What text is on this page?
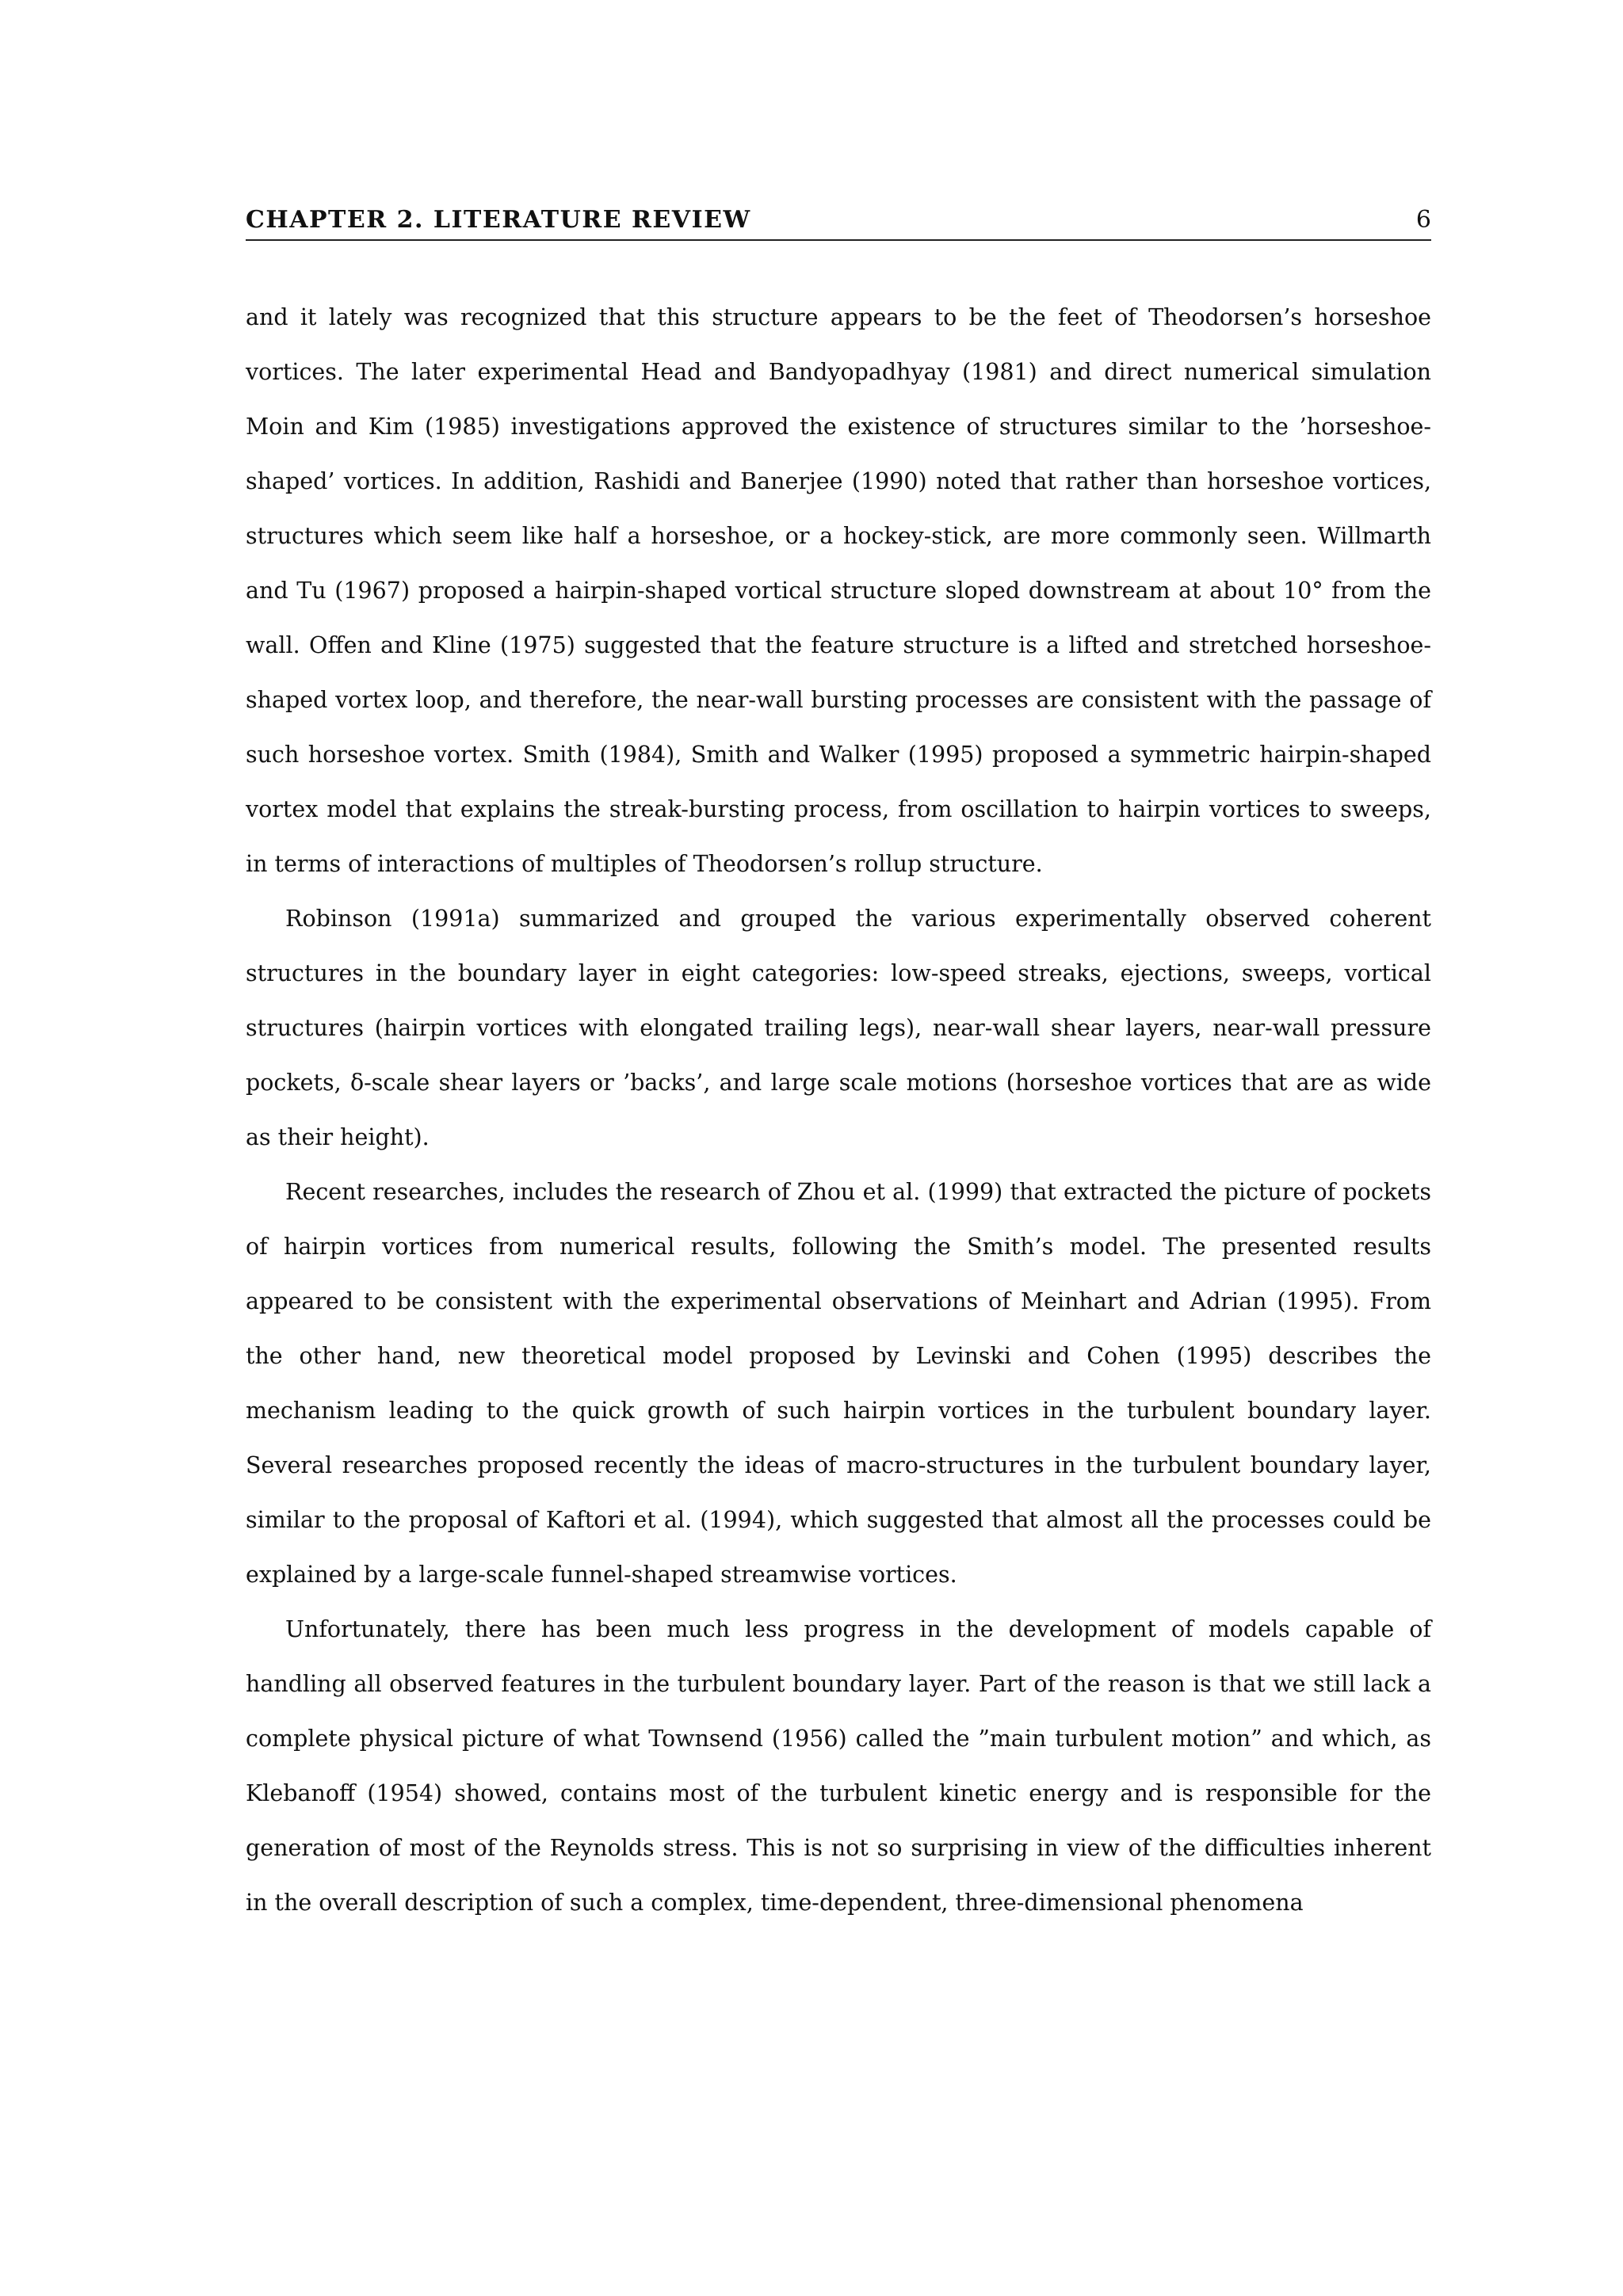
CHAPTER 2. LITERATURE REVIEW	6

and it lately was recognized that this structure appears to be the feet of Theodorsen’s horseshoe vortices. The later experimental Head and Bandyopadhyay (1981) and direct numerical simulation Moin and Kim (1985) investigations approved the existence of structures similar to the ’horseshoe-shaped’ vortices. In addition, Rashidi and Banerjee (1990) noted that rather than horseshoe vortices, structures which seem like half a horseshoe, or a hockey-stick, are more commonly seen. Willmarth and Tu (1967) proposed a hairpin-shaped vortical structure sloped downstream at about 10° from the wall. Offen and Kline (1975) suggested that the feature structure is a lifted and stretched horseshoe-shaped vortex loop, and therefore, the near-wall bursting processes are consistent with the passage of such horseshoe vortex. Smith (1984), Smith and Walker (1995) proposed a symmetric hairpin-shaped vortex model that explains the streak-bursting process, from oscillation to hairpin vortices to sweeps, in terms of interactions of multiples of Theodorsen’s rollup structure.

Robinson (1991a) summarized and grouped the various experimentally observed coherent structures in the boundary layer in eight categories: low-speed streaks, ejections, sweeps, vortical structures (hairpin vortices with elongated trailing legs), near-wall shear layers, near-wall pressure pockets, δ-scale shear layers or ’backs’, and large scale motions (horseshoe vortices that are as wide as their height).

Recent researches, includes the research of Zhou et al. (1999) that extracted the picture of pockets of hairpin vortices from numerical results, following the Smith’s model. The presented results appeared to be consistent with the experimental observations of Meinhart and Adrian (1995). From the other hand, new theoretical model proposed by Levinski and Cohen (1995) describes the mechanism leading to the quick growth of such hairpin vortices in the turbulent boundary layer. Several researches proposed recently the ideas of macro-structures in the turbulent boundary layer, similar to the proposal of Kaftori et al. (1994), which suggested that almost all the processes could be explained by a large-scale funnel-shaped streamwise vortices.

Unfortunately, there has been much less progress in the development of models capable of handling all observed features in the turbulent boundary layer. Part of the reason is that we still lack a complete physical picture of what Townsend (1956) called the ”main turbulent motion” and which, as Klebanoff (1954) showed, contains most of the turbulent kinetic energy and is responsible for the generation of most of the Reynolds stress. This is not so surprising in view of the difficulties inherent in the overall description of such a complex, time-dependent, three-dimensional phenomena
